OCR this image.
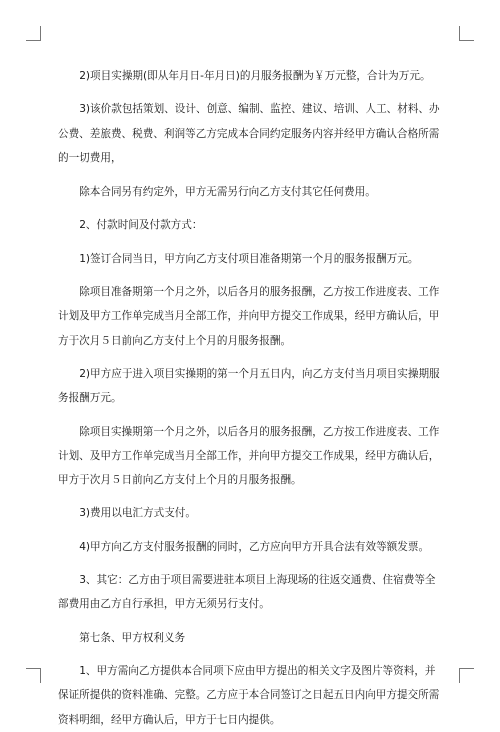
2)项目实操期(即从年月日-年月日)的月服务报酬为￥万元整，合计为万元。

3)该价款包括策划、设计、创意、编制、监控、建议、培训、人工、材料、办公费、差旅费、税费、利润等乙方完成本合同约定服务内容并经甲方确认合格所需的一切费用，

除本合同另有约定外，甲方无需另行向乙方支付其它任何费用。

2、付款时间及付款方式：

1)签订合同当日，甲方向乙方支付项目准备期第一个月的服务报酬万元。

除项目准备期第一个月之外，以后各月的服务报酬，乙方按工作进度表、工作计划及甲方工作单完成当月全部工作，并向甲方提交工作成果，经甲方确认后，甲方于次月５日前向乙方支付上个月的月服务报酬。

2)甲方应于进入项目实操期的第一个月五日内，向乙方支付当月项目实操期服务报酬万元。

除项目实操期第一个月之外，以后各月的服务报酬，乙方按工作进度表、工作计划、及甲方工作单完成当月全部工作，并向甲方提交工作成果，经甲方确认后，甲方于次月５日前向乙方支付上个月的月服务报酬。

3)费用以电汇方式支付。

4)甲方向乙方支付服务报酬的同时，乙方应向甲方开具合法有效等额发票。

3、其它：乙方由于项目需要进驻本项目上海现场的往返交通费、住宿费等全部费用由乙方自行承担，甲方无须另行支付。

第七条、甲方权利义务

1、甲方需向乙方提供本合同项下应由甲方提出的相关文字及图片等资料，并保证所提供的资料准确、完整。乙方应于本合同签订之日起五日内向甲方提交所需资料明细，经甲方确认后，甲方于七日内提供。
